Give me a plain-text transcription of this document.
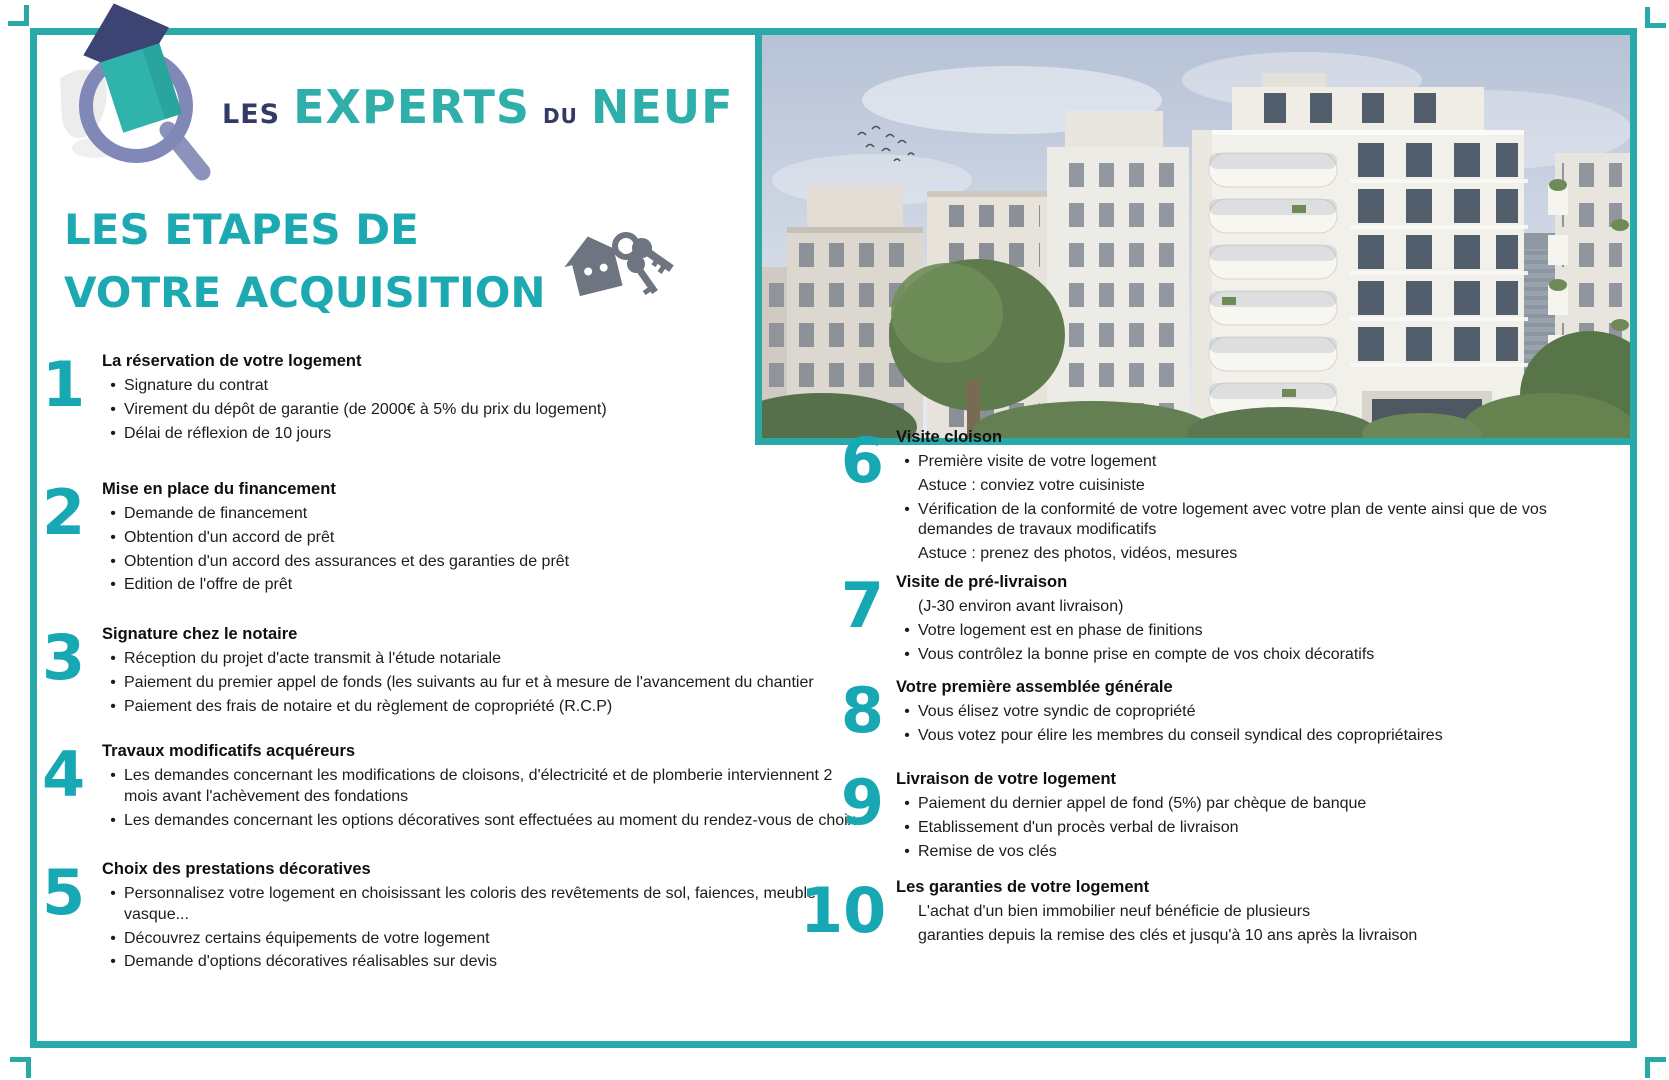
LES EXPERTS DU NEUF
LES ETAPES DE
VOTRE ACQUISITION
1	La réservation de votre logement
• Signature du contrat
• Virement du dépôt de garantie (de 2000€ à 5% du prix du logement)
• Délai de réflexion de 10 jours
2	Mise en place du financement
• Demande de financement
• Obtention d'un accord de prêt
• Obtention d'un accord des assurances et des garanties de prêt
• Edition de l'offre de prêt
3	Signature chez le notaire
• Réception du projet d'acte transmit à l'étude notariale
• Paiement du premier appel de fonds (les suivants au fur et à mesure de l'avancement du chantier
• Paiement des frais de notaire et du règlement de copropriété (R.C.P)
4	Travaux modificatifs acquéreurs
• Les demandes concernant les modifications de cloisons, d'électricité et de plomberie interviennent 2 mois avant l'achèvement des fondations
• Les demandes concernant les options décoratives sont effectuées au moment du rendez-vous de choix
5	Choix des prestations décoratives
• Personnalisez votre logement en choisissant les coloris des revêtements de sol, faiences, meuble vasque...
• Découvrez certains équipements de votre logement
• Demande d'options décoratives réalisables sur devis
6 Visite cloison
• Première visite de votre logement
Astuce : conviez votre cuisiniste
• Vérification de la conformité de votre logement avec votre plan de vente ainsi que de vos demandes de travaux modificatifs
Astuce : prenez des photos, vidéos, mesures
7 Visite de pré-livraison
(J-30 environ avant livraison)
• Votre logement est en phase de finitions
• Vous contrôlez la bonne prise en compte de vos choix décoratifs
8 Votre première assemblée générale
• Vous élisez votre syndic de copropriété
• Vous votez pour élire les membres du conseil syndical des copropriétaires
9 Livraison de votre logement
• Paiement du dernier appel de fond (5%) par chèque de banque
• Etablissement d'un procès verbal de livraison
• Remise de vos clés
10 Les garanties de votre logement
L'achat d'un bien immobilier neuf bénéficie de plusieurs
garanties depuis la remise des clés et jusqu'à 10 ans après la livraison
